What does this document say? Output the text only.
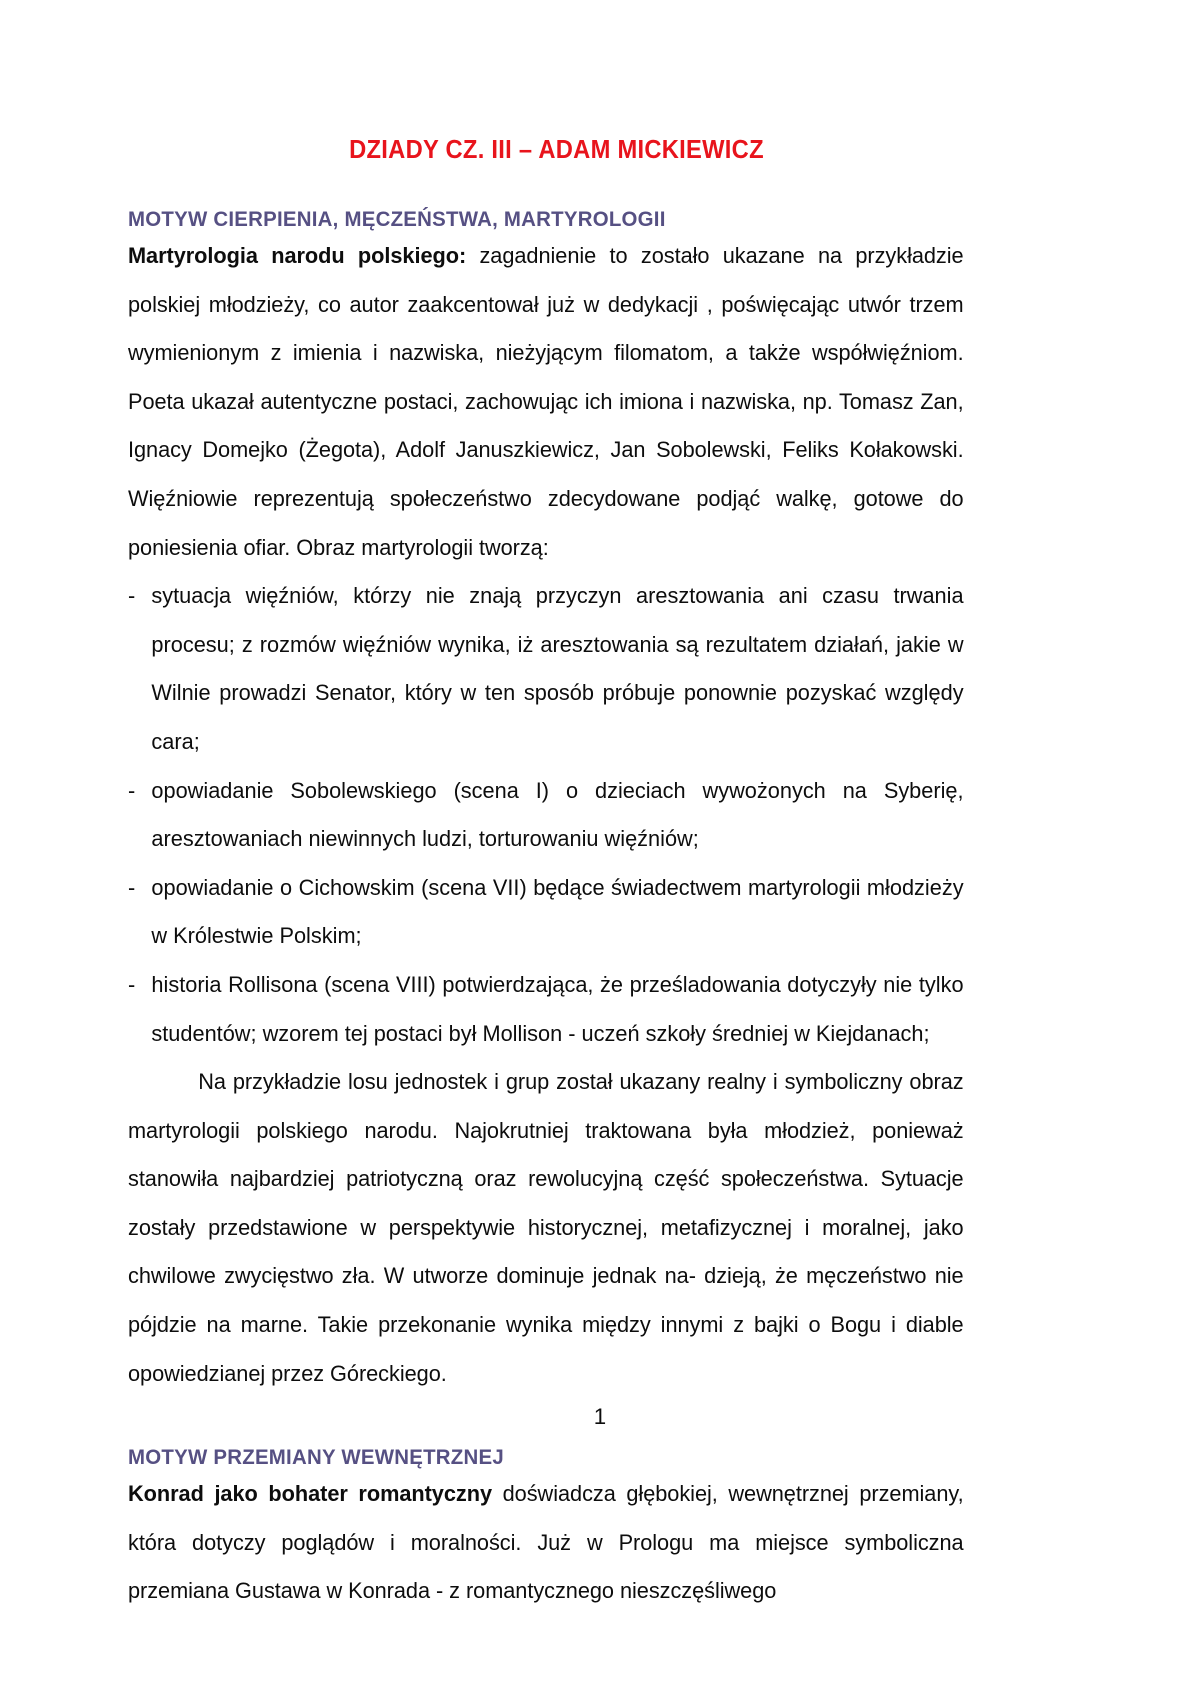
DZIADY CZ. III – ADAM MICKIEWICZ
MOTYW CIERPIENIA, MĘCZEŃSTWA, MARTYROLOGII

Martyrologia narodu polskiego: zagadnienie to zostało ukazane na przykładzie polskiej młodzieży, co autor zaakcentował już w dedykacji , poświęcając utwór trzem wymienionym z imienia i nazwiska, nieżyjącym filomatom, a także współwięźniom. Poeta ukazał autentyczne postaci, zachowując ich imiona i nazwiska, np. Tomasz Zan, Ignacy Domejko (Żegota), Adolf Januszkiewicz, Jan Sobolewski, Feliks Kołakowski. Więźniowie reprezentują społeczeństwo zdecydowane podjąć walkę, gotowe do poniesienia ofiar. Obraz martyrologii tworzą:

- sytuacja więźniów, którzy nie znają przyczyn aresztowania ani czasu trwania procesu; z rozmów więźniów wynika, iż aresztowania są rezultatem działań, jakie w Wilnie prowadzi Senator, który w ten sposób próbuje ponownie pozyskać względy cara;
- opowiadanie Sobolewskiego (scena I) o dzieciach wywożonych na Syberię, aresztowaniach niewinnych ludzi, torturowaniu więźniów;
- opowiadanie o Cichowskim (scena VII) będące świadectwem martyrologii młodzieży w Królestwie Polskim;
- historia Rollisona (scena VIII) potwierdzająca, że prześladowania dotyczyły nie tylko studentów; wzorem tej postaci był Mollison - uczeń szkoły średniej w Kiejdanach;

Na przykładzie losu jednostek i grup został ukazany realny i symboliczny obraz martyrologii polskiego narodu. Najokrutniej traktowana była młodzież, ponieważ stanowiła najbardziej patriotyczną oraz rewolucyjną część społeczeństwa. Sytuacje zostały przedstawione w perspektywie historycznej, metafizycznej i moralnej, jako chwilowe zwycięstwo zła. W utworze dominuje jednak na- dzieją, że męczeństwo nie pójdzie na marne. Takie przekonanie wynika między innymi z bajki o Bogu i diable opowiedzianej przez Góreckiego.

MOTYW PRZEMIANY WEWNĘTRZNEJ

Konrad jako bohater romantyczny doświadcza głębokiej, wewnętrznej przemiany, która dotyczy poglądów i moralności. Już w Prologu ma miejsce symboliczna przemiana Gustawa w Konrada - z romantycznego nieszczęśliwego

1
